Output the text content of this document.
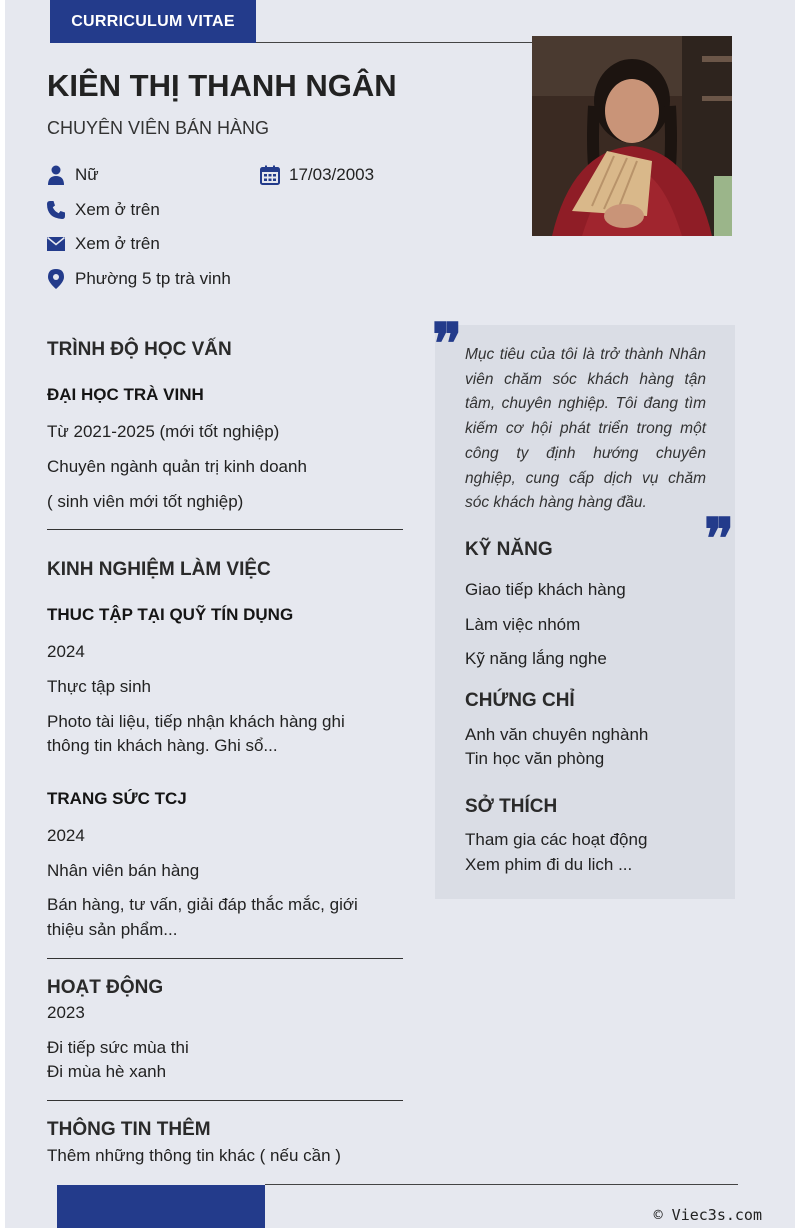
CURRICULUM VITAE
KIÊN THỊ THANH NGÂN
CHUYÊN VIÊN BÁN HÀNG
Nữ	17/03/2003
Xem ở trên
Xem ở trên
Phường 5 tp trà vinh
TRÌNH ĐỘ HỌC VẤN
ĐẠI HỌC TRÀ VINH
Từ 2021-2025 (mới tốt nghiệp)
Chuyên ngành quản trị kinh doanh
( sinh viên mới tốt nghiệp)
KINH NGHIỆM LÀM VIỆC
THUC TẬP TẠI QUỸ TÍN DỤNG
2024
Thực tập sinh
Photo tài liệu, tiếp nhận khách hàng ghi
thông tin khách hàng. Ghi sổ...
TRANG SỨC TCJ
2024
Nhân viên bán hàng
Bán hàng, tư vấn, giải đáp thắc mắc, giới
thiệu sản phẩm...
HOẠT ĐỘNG
2023
Đi tiếp sức mùa thi
Đi mùa hè xanh
THÔNG TIN THÊM
Thêm những thông tin khác ( nếu cần )
❞ Mục tiêu của tôi là trở thành Nhân viên chăm sóc khách hàng tận tâm, chuyên nghiệp. Tôi đang tìm kiếm cơ hội phát triển trong một công ty định hướng chuyên nghiệp, cung cấp dịch vụ chăm sóc khách hàng hàng đầu.
❞
KỸ NĂNG
Giao tiếp khách hàng
Làm việc nhóm
Kỹ năng lắng nghe
CHỨNG CHỈ
Anh văn chuyên nghành
Tin học văn phòng
SỞ THÍCH
Tham gia các hoạt động
Xem phim đi du lich ...
© Viec3s.com
